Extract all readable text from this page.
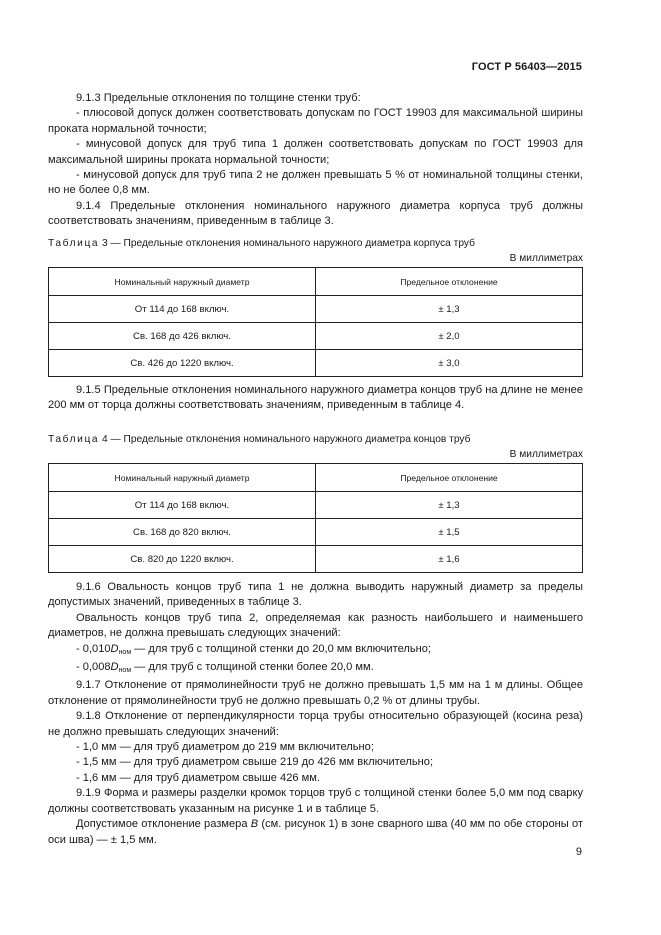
ГОСТ Р 56403—2015

9.1.3 Предельные отклонения по толщине стенки труб:

- плюсовой допуск должен соответствовать допускам по ГОСТ 19903 для максимальной ширины проката нормальной точности;

- минусовой допуск для труб типа 1 должен соответствовать допускам по ГОСТ 19903 для максимальной ширины проката нормальной точности;

- минусовой допуск для труб типа 2 не должен превышать 5 % от номинальной толщины стенки, но не более 0,8 мм.

9.1.4 Предельные отклонения номинального наружного диаметра корпуса труб должны соответствовать значениям, приведенным в таблице 3.

Таблица 3 — Предельные отклонения номинального наружного диаметра корпуса труб

В миллиметрах

Номинальный наружный диаметр	Предельное отклонение
От 114 до 168 включ.	± 1,3
Св. 168 до 426 включ.	± 2,0
Св. 426 до 1220 включ.	± 3,0

9.1.5 Предельные отклонения номинального наружного диаметра концов труб на длине не менее 200 мм от торца должны соответствовать значениям, приведенным в таблице 4.

Таблица 4 — Предельные отклонения номинального наружного диаметра концов труб

В миллиметрах

Номинальный наружный диаметр	Предельное отклонение
От 114 до 168 включ.	± 1,3
Св. 168 до 820 включ.	± 1,5
Св. 820 до 1220 включ.	± 1,6

9.1.6 Овальность концов труб типа 1 не должна выводить наружный диаметр за пределы допустимых значений, приведенных в таблице 3.

Овальность концов труб типа 2, определяемая как разность наибольшего и наименьшего диаметров, не должна превышать следующих значений:

- $0,010D_{ном}$ — для труб с толщиной стенки до 20,0 мм включительно;

- $0,008D_{ном}$ — для труб с толщиной стенки более 20,0 мм.

9.1.7 Отклонение от прямолинейности труб не должно превышать 1,5 мм на 1 м длины. Общее отклонение от прямолинейности труб не должно превышать 0,2 % от длины трубы.

9.1.8 Отклонение от перпендикулярности торца трубы относительно образующей (косина реза) не должно превышать следующих значений:

- 1,0 мм — для труб диаметром до 219 мм включительно;

- 1,5 мм — для труб диаметром свыше 219 до 426 мм включительно;

- 1,6 мм — для труб диаметром свыше 426 мм.

9.1.9 Форма и размеры разделки кромок торцов труб с толщиной стенки более 5,0 мм под сварку должны соответствовать указанным на рисунке 1 и в таблице 5.

Допустимое отклонение размера B (см. рисунок 1) в зоне сварного шва (40 мм по обе стороны от оси шва) — ± 1,5 мм.

9
